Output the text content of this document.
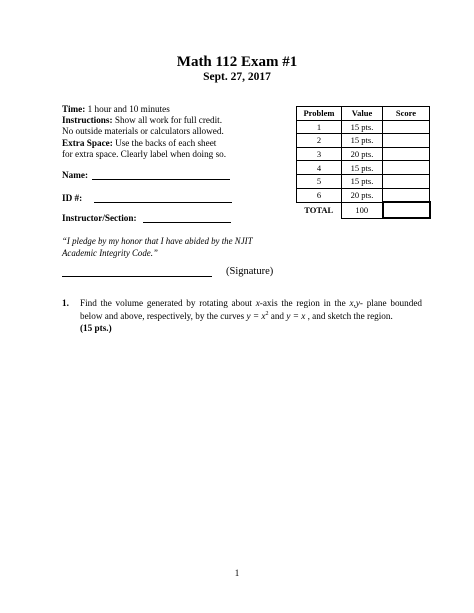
Math 112 Exam #1
Sept. 27, 2017
Time: 1 hour and 10 minutes
Instructions: Show all work for full credit.
No outside materials or calculators allowed.
Extra Space: Use the backs of each sheet
for extra space. Clearly label when doing so.
Name:
ID #:
Instructor/Section:
“I pledge by my honor that I have abided by the NJIT Academic Integrity Code.”
(Signature)
Problem	Value	Score
1	15 pts.	
2	15 pts.	
3	20 pts.	
4	15 pts.	
5	15 pts.	
6	20 pts.	
TOTAL	100	
1. Find the volume generated by rotating about x-axis the region in the x,y- plane bounded below and above, respectively, by the curves $y = x^2$ and y = x , and sketch the region.
(15 pts.)
1
